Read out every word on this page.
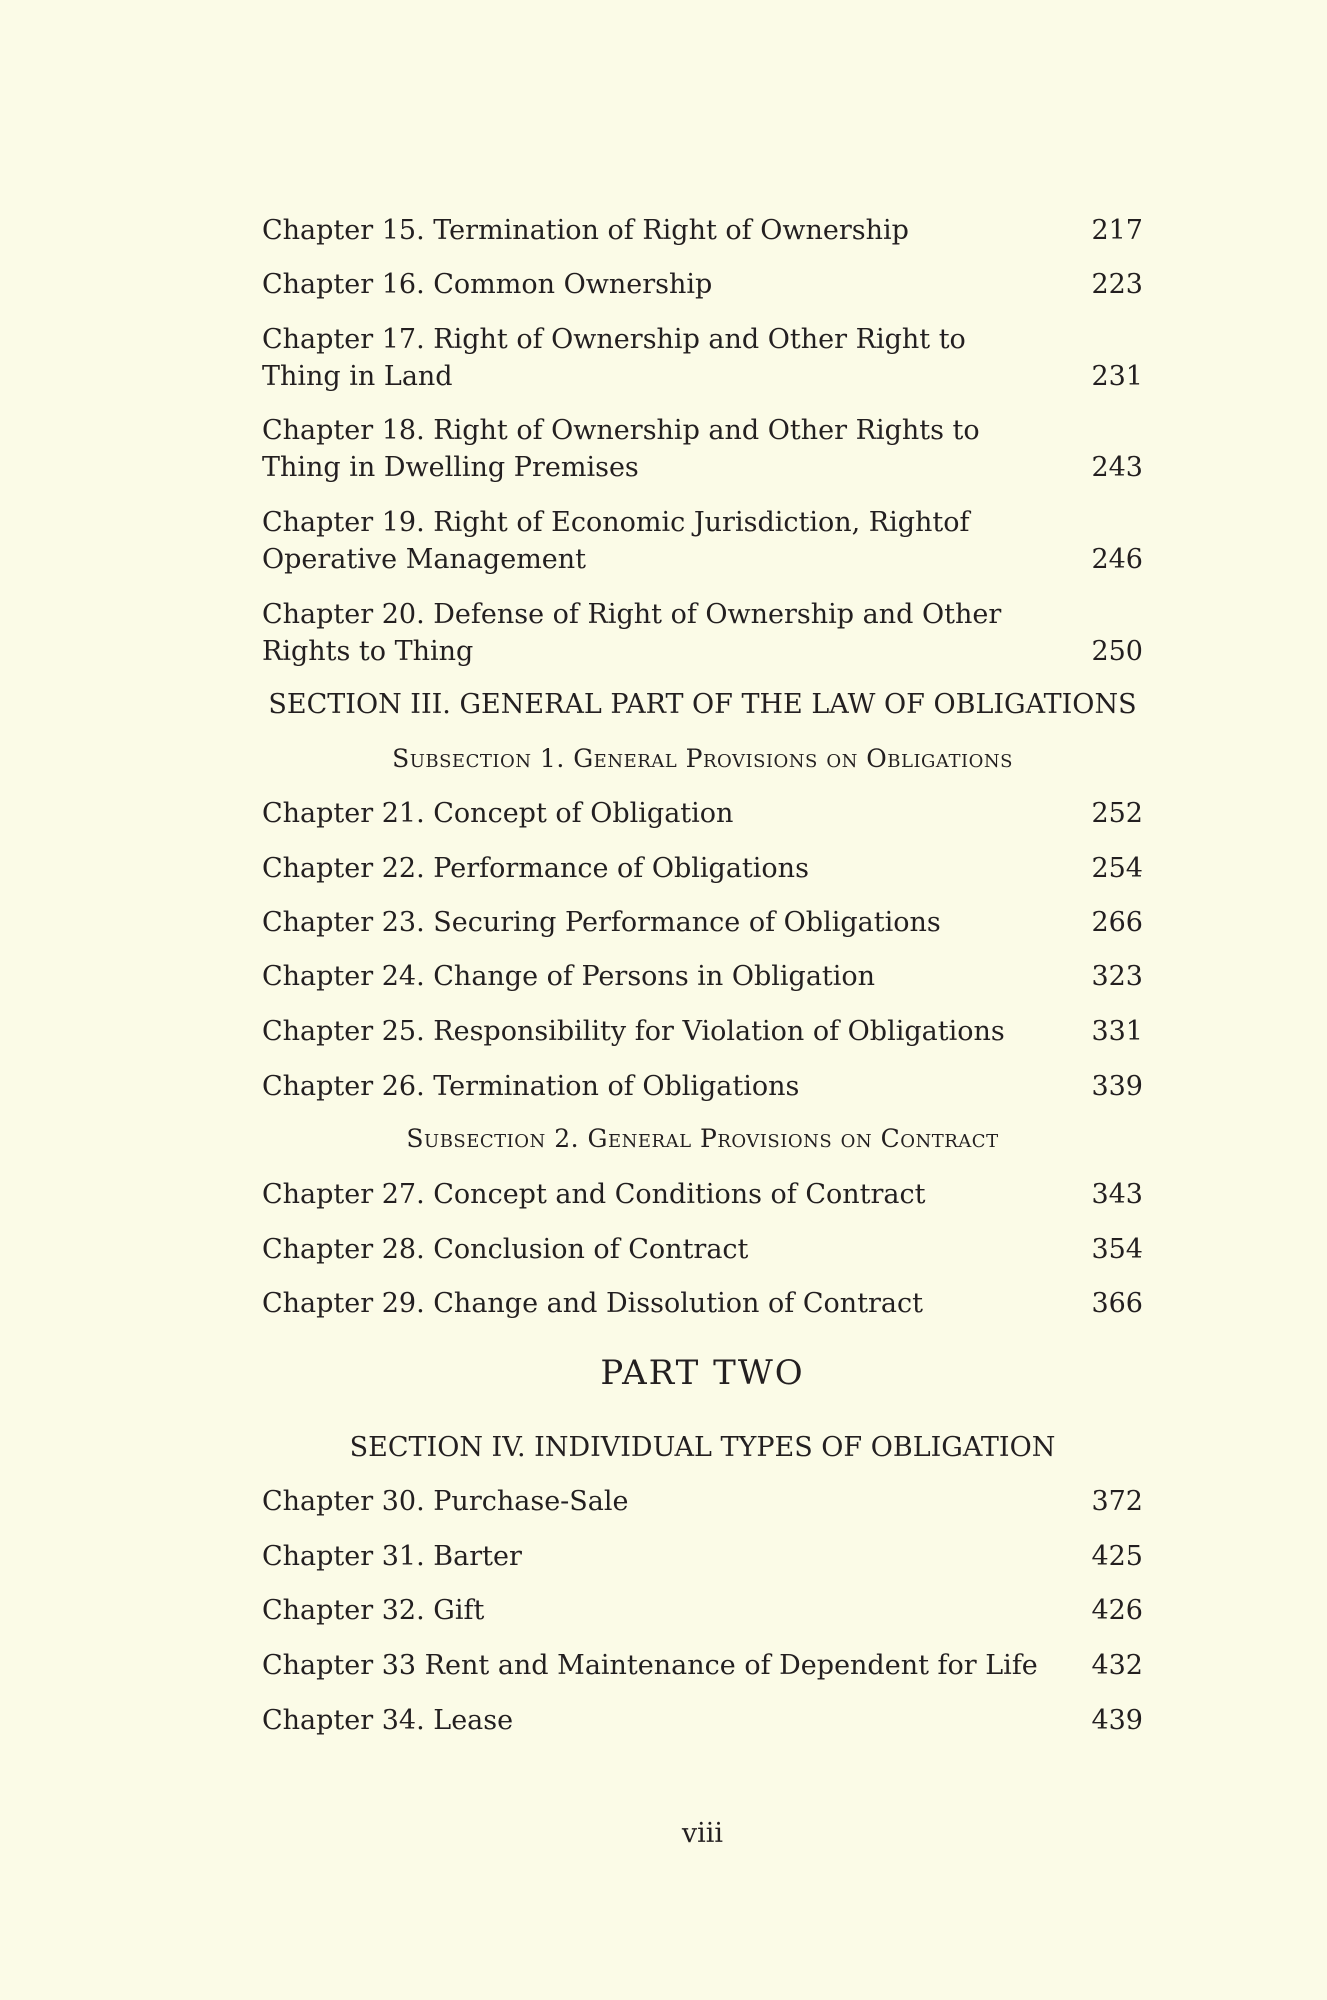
Chapter 15. Termination of Right of Ownership	217
Chapter 16. Common Ownership	223
Chapter 17. Right of Ownership and Other Right to Thing in Land	231
Chapter 18. Right of Ownership and Other Rights to Thing in Dwelling Premises	243
Chapter 19. Right of Economic Jurisdiction, Rightof Operative Management	246
Chapter 20. Defense of Right of Ownership and Other Rights to Thing	250
SECTION III. GENERAL PART OF THE LAW OF OBLIGATIONS
Subsection 1. General Provisions on Obligations
Chapter 21. Concept of Obligation	252
Chapter 22. Performance of Obligations	254
Chapter 23. Securing Performance of Obligations	266
Chapter 24. Change of Persons in Obligation	323
Chapter 25. Responsibility for Violation of Obligations	331
Chapter 26. Termination of Obligations	339
Subsection 2. General Provisions on Contract
Chapter 27. Concept and Conditions of Contract	343
Chapter 28. Conclusion of Contract	354
Chapter 29. Change and Dissolution of Contract	366
PART TWO
SECTION IV. INDIVIDUAL TYPES OF OBLIGATION
Chapter 30. Purchase-Sale	372
Chapter 31. Barter	425
Chapter 32. Gift	426
Chapter 33 Rent and Maintenance of Dependent for Life	432
Chapter 34. Lease	439
viii
